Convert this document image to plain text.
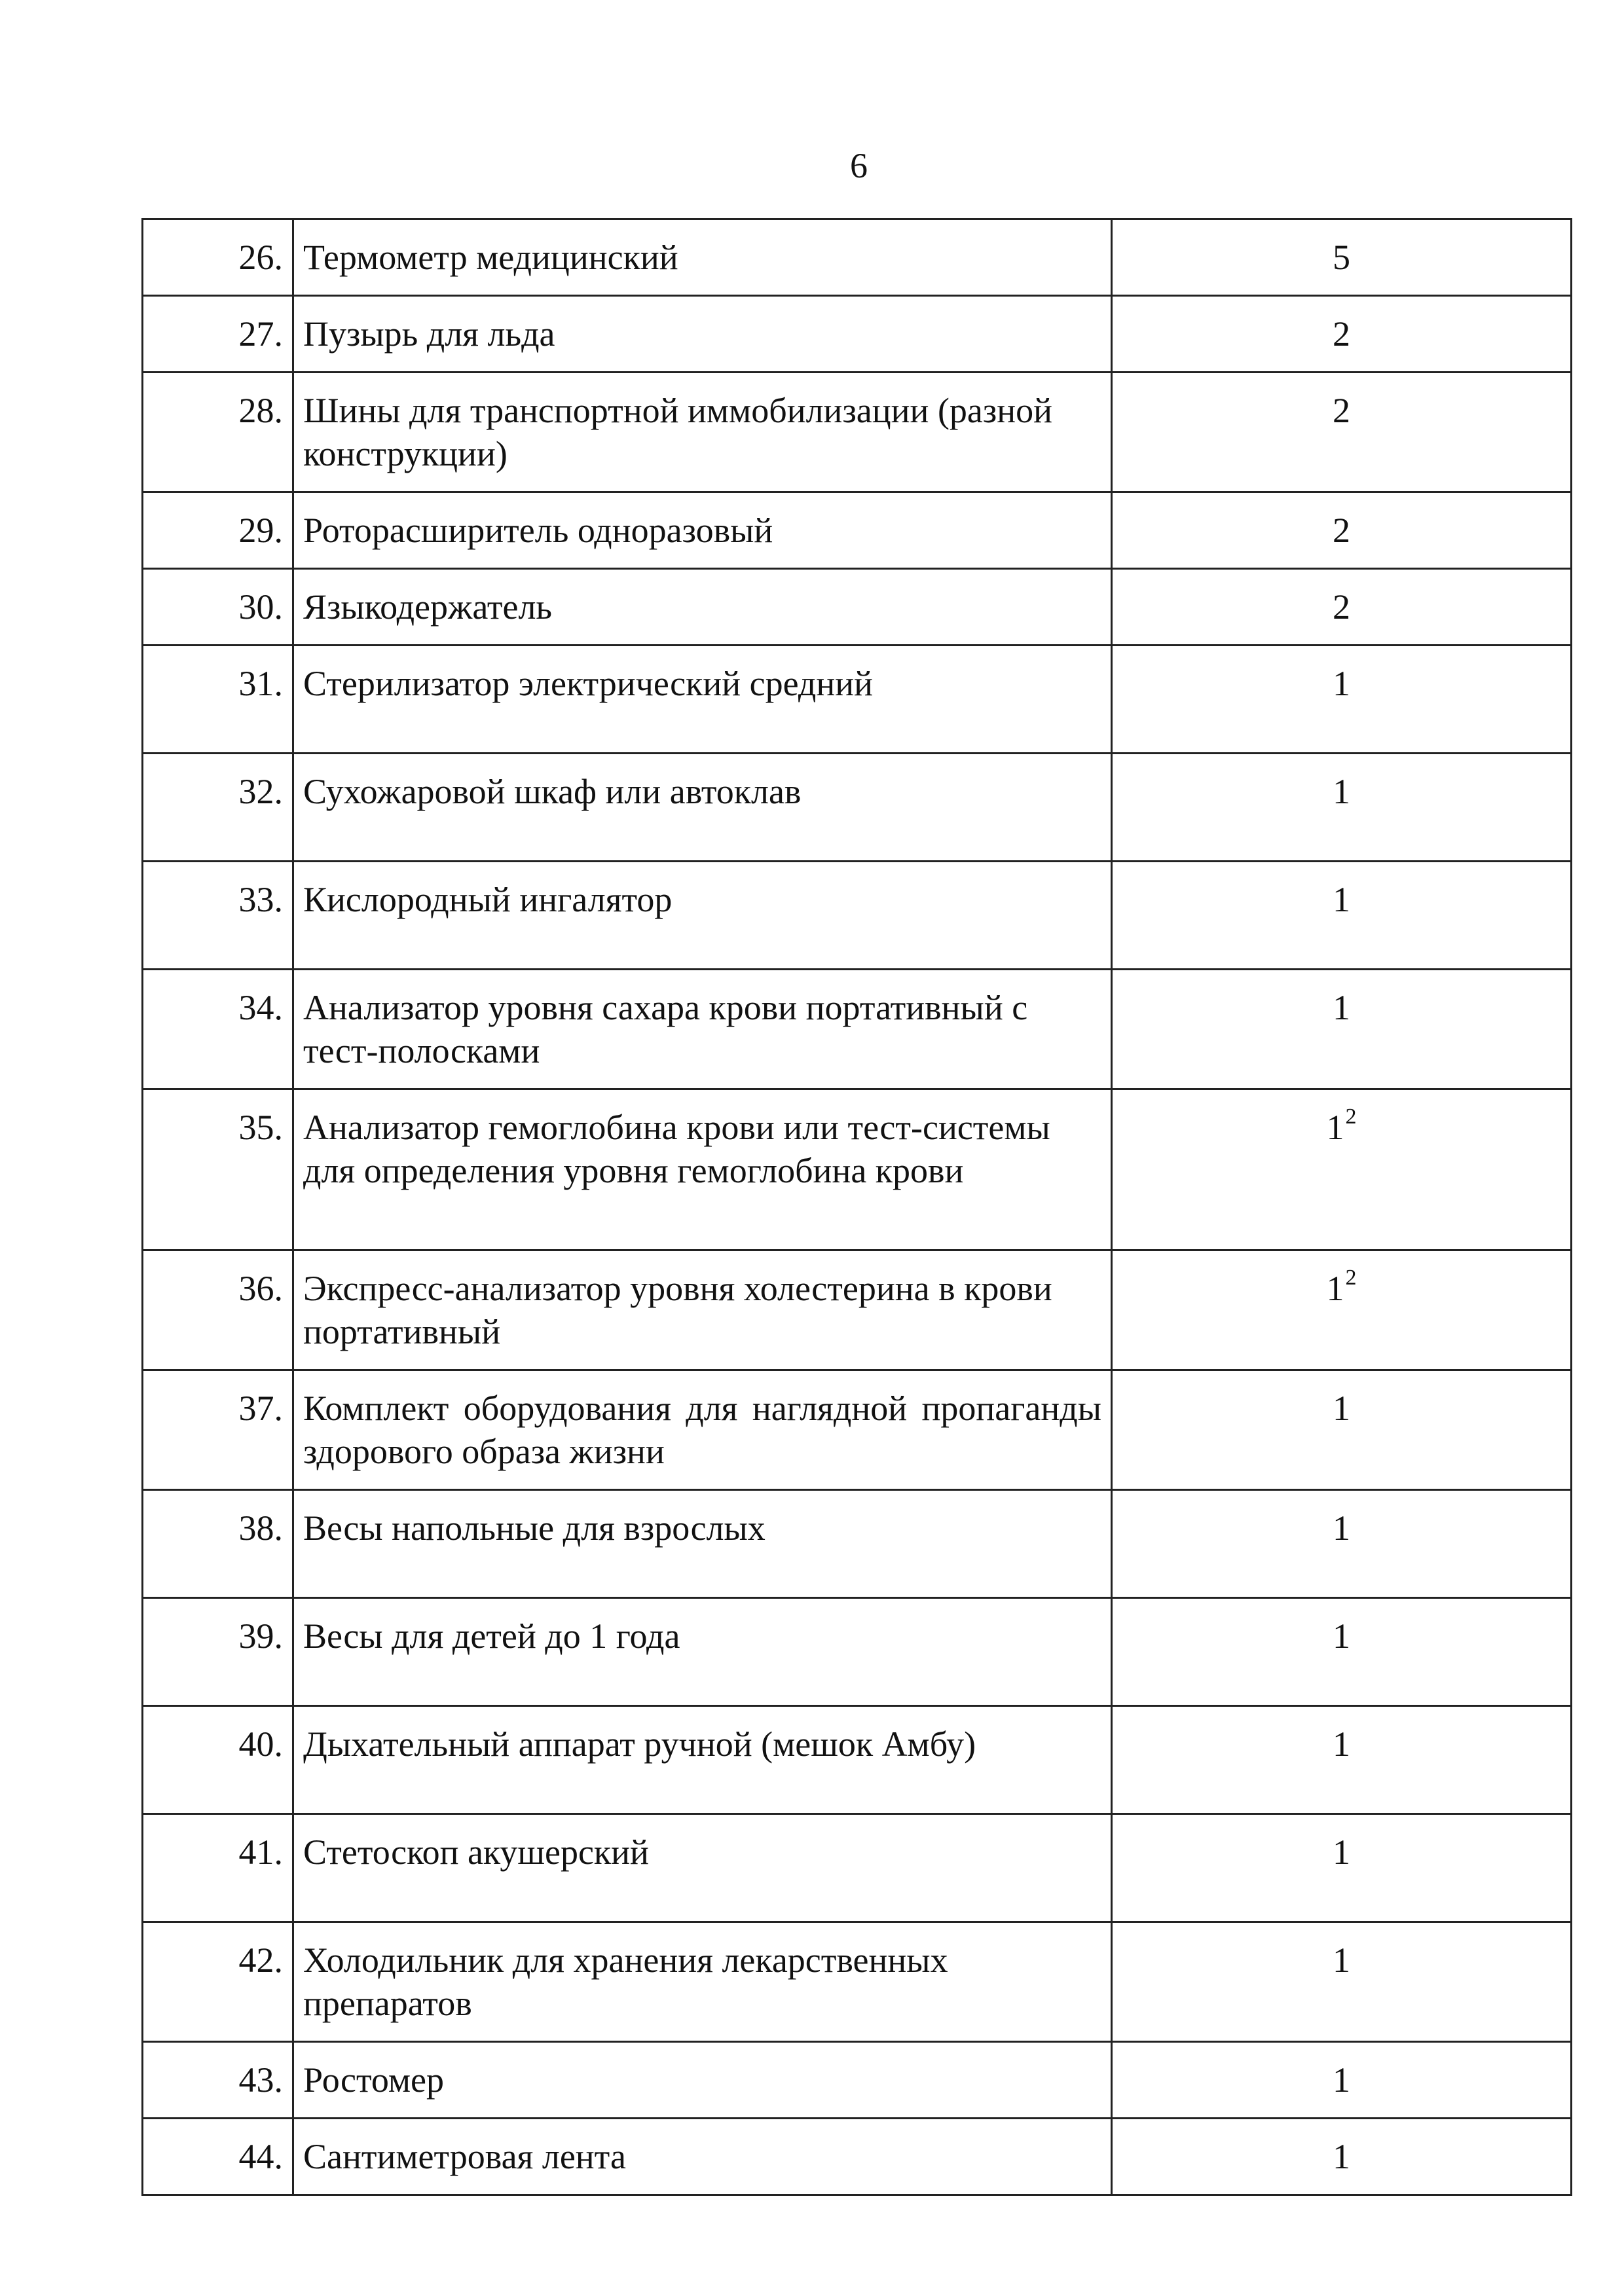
6
26.	Термометр медицинский	5
27.	Пузырь для льда	2
28.	Шины для транспортной иммобилизации (разной конструкции)	2
29.	Роторасширитель одноразовый	2
30.	Языкодержатель	2
31.	Стерилизатор электрический средний	1
32.	Сухожаровой шкаф или автоклав	1
33.	Кислородный ингалятор	1
34.	Анализатор уровня сахара крови портативный с тест-полосками	1
35.	Анализатор гемоглобина крови или тест-системы для определения уровня гемоглобина крови	$1^2$
36.	Экспресс-анализатор уровня холестерина в крови портативный	$1^2$
37.	Комплект оборудования для наглядной пропаганды здорового образа жизни	1
38.	Весы напольные для взрослых	1
39.	Весы для детей до 1 года	1
40.	Дыхательный аппарат ручной (мешок Амбу)	1
41.	Стетоскоп акушерский	1
42.	Холодильник для хранения лекарственных препаратов	1
43.	Ростомер	1
44.	Сантиметровая лента	1
